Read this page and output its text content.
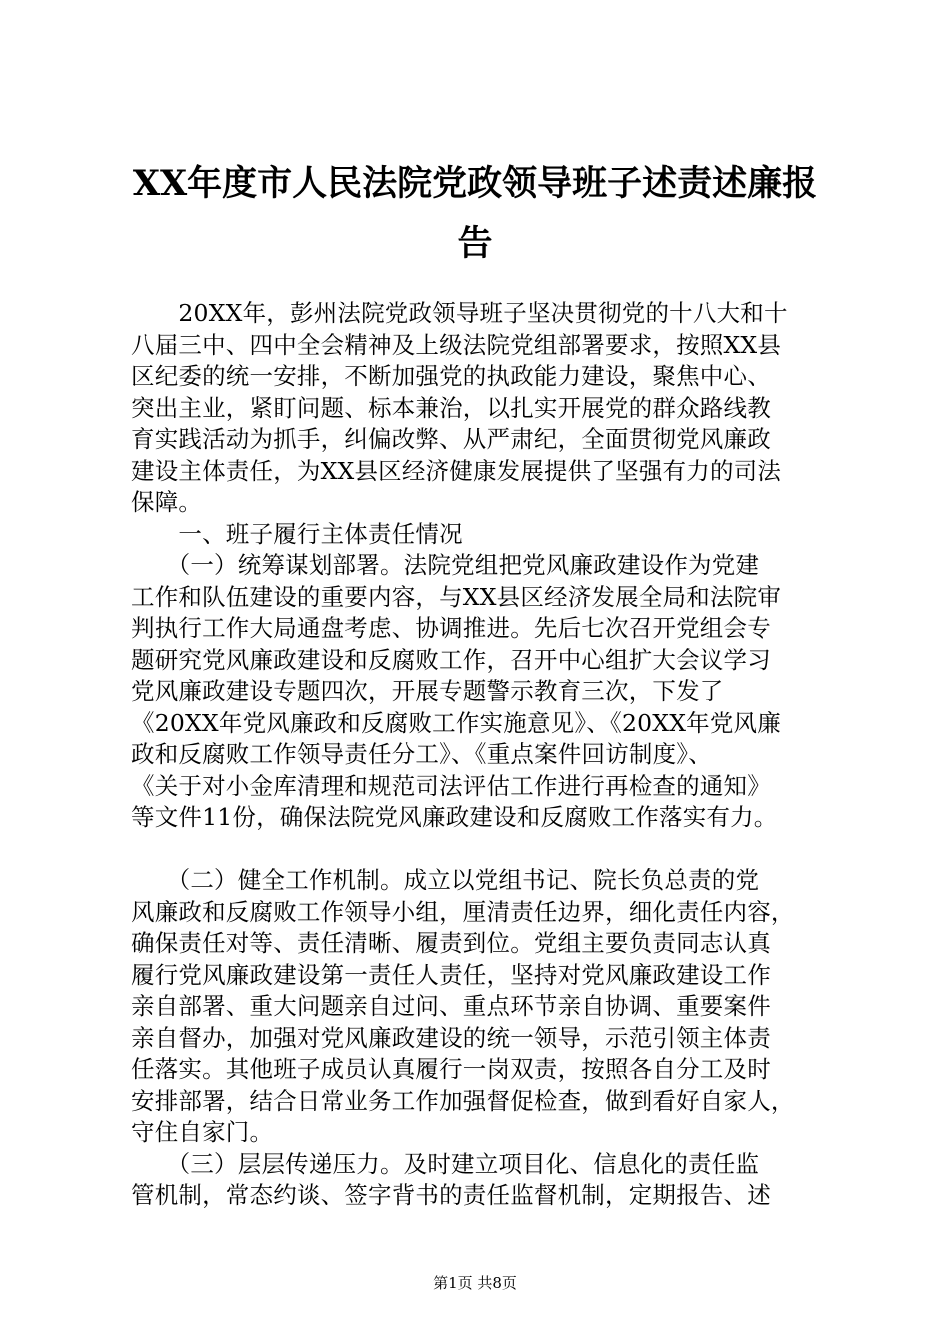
XX年度市人民法院党政领导班子述责述廉报
告
　　20XX年，彭州法院党政领导班子坚决贯彻党的十八大和十
八届三中、四中全会精神及上级法院党组部署要求，按照XX县
区纪委的统一安排，不断加强党的执政能力建设，聚焦中心、
突出主业，紧盯问题、标本兼治，以扎实开展党的群众路线教
育实践活动为抓手，纠偏改弊、从严肃纪，全面贯彻党风廉政
建设主体责任，为XX县区经济健康发展提供了坚强有力的司法
保障。
　　一、班子履行主体责任情况
　　（一）统筹谋划部署。法院党组把党风廉政建设作为党建
工作和队伍建设的重要内容，与XX县区经济发展全局和法院审
判执行工作大局通盘考虑、协调推进。先后七次召开党组会专
题研究党风廉政建设和反腐败工作，召开中心组扩大会议学习
党风廉政建设专题四次，开展专题警示教育三次，下发了
《20XX年党风廉政和反腐败工作实施意见》、《20XX年党风廉
政和反腐败工作领导责任分工》、《重点案件回访制度》、
《关于对小金库清理和规范司法评估工作进行再检查的通知》
等文件11份，确保法院党风廉政建设和反腐败工作落实有力。
　　（二）健全工作机制。成立以党组书记、院长负总责的党
风廉政和反腐败工作领导小组，厘清责任边界，细化责任内容，
确保责任对等、责任清晰、履责到位。党组主要负责同志认真
履行党风廉政建设第一责任人责任，坚持对党风廉政建设工作
亲自部署、重大问题亲自过问、重点环节亲自协调、重要案件
亲自督办，加强对党风廉政建设的统一领导，示范引领主体责
任落实。其他班子成员认真履行一岗双责，按照各自分工及时
安排部署，结合日常业务工作加强督促检查，做到看好自家人，
守住自家门。
　　（三）层层传递压力。及时建立项目化、信息化的责任监
管机制，常态约谈、签字背书的责任监督机制，定期报告、述
第1页 共8页
